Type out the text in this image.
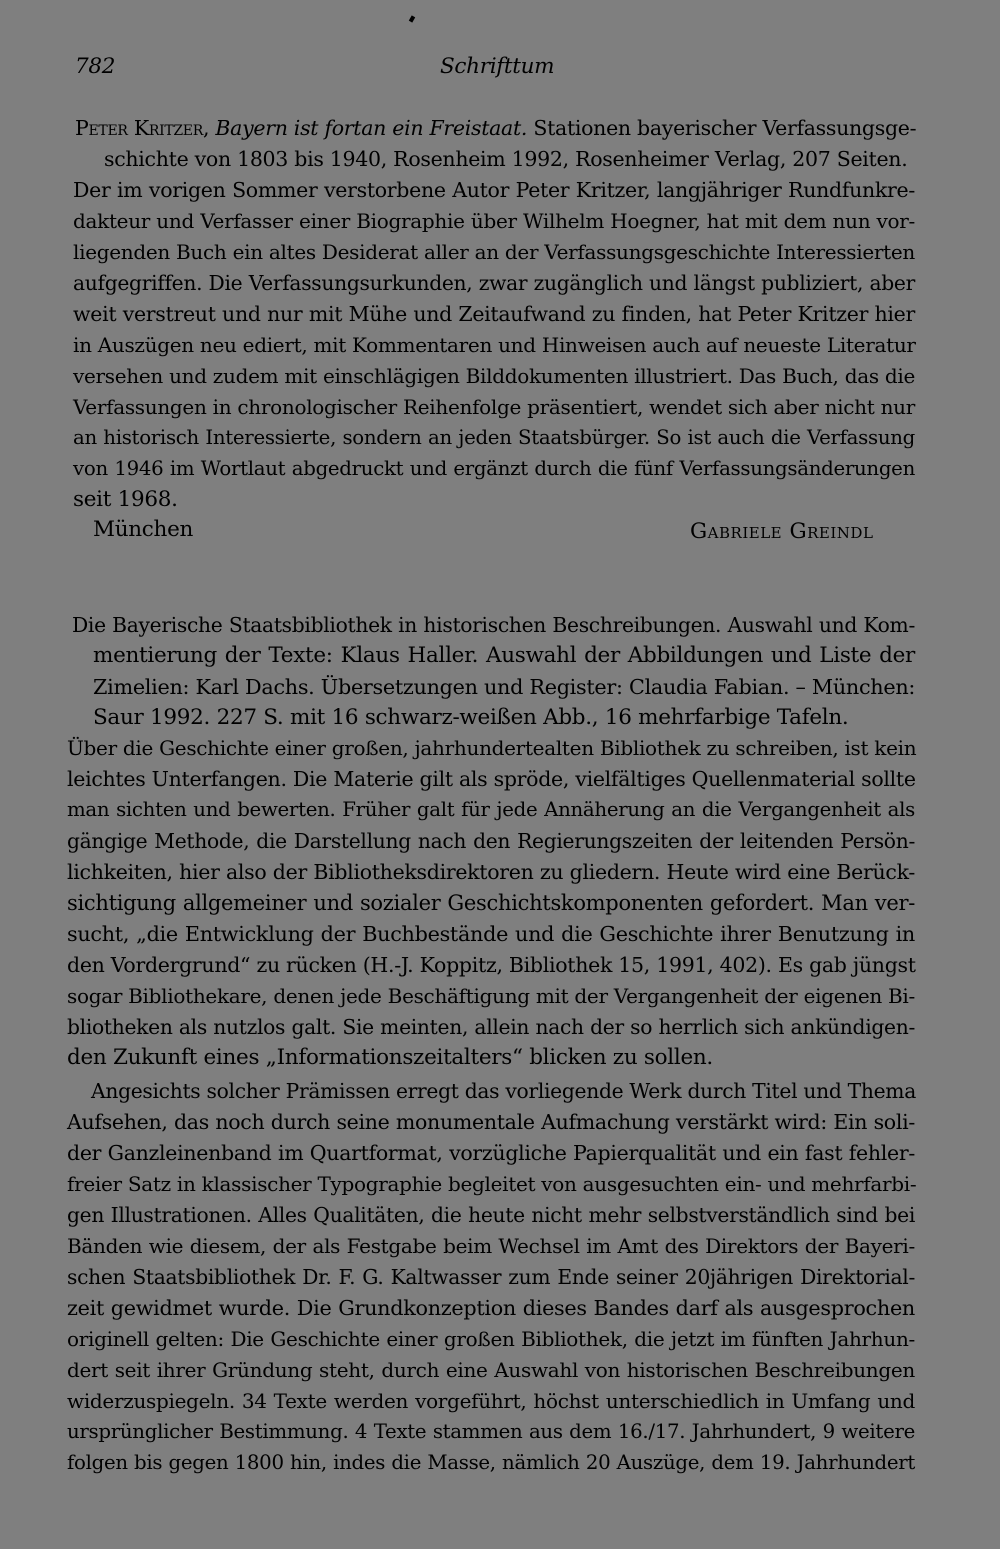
782	Schrifttum
Peter Kritzer, Bayern ist fortan ein Freistaat. Stationen bayerischer Verfassungsge-
schichte von 1803 bis 1940, Rosenheim 1992, Rosenheimer Verlag, 207 Seiten.
Der im vorigen Sommer verstorbene Autor Peter Kritzer, langjähriger Rundfunkre-
dakteur und Verfasser einer Biographie über Wilhelm Hoegner, hat mit dem nun vor-
liegenden Buch ein altes Desiderat aller an der Verfassungsgeschichte Interessierten
aufgegriffen. Die Verfassungsurkunden, zwar zugänglich und längst publiziert, aber
weit verstreut und nur mit Mühe und Zeitaufwand zu finden, hat Peter Kritzer hier
in Auszügen neu ediert, mit Kommentaren und Hinweisen auch auf neueste Literatur
versehen und zudem mit einschlägigen Bilddokumenten illustriert. Das Buch, das die
Verfassungen in chronologischer Reihenfolge präsentiert, wendet sich aber nicht nur
an historisch Interessierte, sondern an jeden Staatsbürger. So ist auch die Verfassung
von 1946 im Wortlaut abgedruckt und ergänzt durch die fünf Verfassungsänderungen
seit 1968.
München	Gabriele Greindl
Die Bayerische Staatsbibliothek in historischen Beschreibungen. Auswahl und Kom-
mentierung der Texte: Klaus Haller. Auswahl der Abbildungen und Liste der
Zimelien: Karl Dachs. Übersetzungen und Register: Claudia Fabian. – München:
Saur 1992. 227 S. mit 16 schwarz-weißen Abb., 16 mehrfarbige Tafeln.
Über die Geschichte einer großen, jahrhundertealten Bibliothek zu schreiben, ist kein
leichtes Unterfangen. Die Materie gilt als spröde, vielfältiges Quellenmaterial sollte
man sichten und bewerten. Früher galt für jede Annäherung an die Vergangenheit als
gängige Methode, die Darstellung nach den Regierungszeiten der leitenden Persön-
lichkeiten, hier also der Bibliotheksdirektoren zu gliedern. Heute wird eine Berück-
sichtigung allgemeiner und sozialer Geschichtskomponenten gefordert. Man ver-
sucht, „die Entwicklung der Buchbestände und die Geschichte ihrer Benutzung in
den Vordergrund“ zu rücken (H.-J. Koppitz, Bibliothek 15, 1991, 402). Es gab jüngst
sogar Bibliothekare, denen jede Beschäftigung mit der Vergangenheit der eigenen Bi-
bliotheken als nutzlos galt. Sie meinten, allein nach der so herrlich sich ankündigen-
den Zukunft eines „Informationszeitalters“ blicken zu sollen.
Angesichts solcher Prämissen erregt das vorliegende Werk durch Titel und Thema
Aufsehen, das noch durch seine monumentale Aufmachung verstärkt wird: Ein soli-
der Ganzleinenband im Quartformat, vorzügliche Papierqualität und ein fast fehler-
freier Satz in klassischer Typographie begleitet von ausgesuchten ein- und mehrfarbi-
gen Illustrationen. Alles Qualitäten, die heute nicht mehr selbstverständlich sind bei
Bänden wie diesem, der als Festgabe beim Wechsel im Amt des Direktors der Bayeri-
schen Staatsbibliothek Dr. F. G. Kaltwasser zum Ende seiner 20jährigen Direktorial-
zeit gewidmet wurde. Die Grundkonzeption dieses Bandes darf als ausgesprochen
originell gelten: Die Geschichte einer großen Bibliothek, die jetzt im fünften Jahrhun-
dert seit ihrer Gründung steht, durch eine Auswahl von historischen Beschreibungen
widerzuspiegeln. 34 Texte werden vorgeführt, höchst unterschiedlich in Umfang und
ursprünglicher Bestimmung. 4 Texte stammen aus dem 16./17. Jahrhundert, 9 weitere
folgen bis gegen 1800 hin, indes die Masse, nämlich 20 Auszüge, dem 19. Jahrhundert
